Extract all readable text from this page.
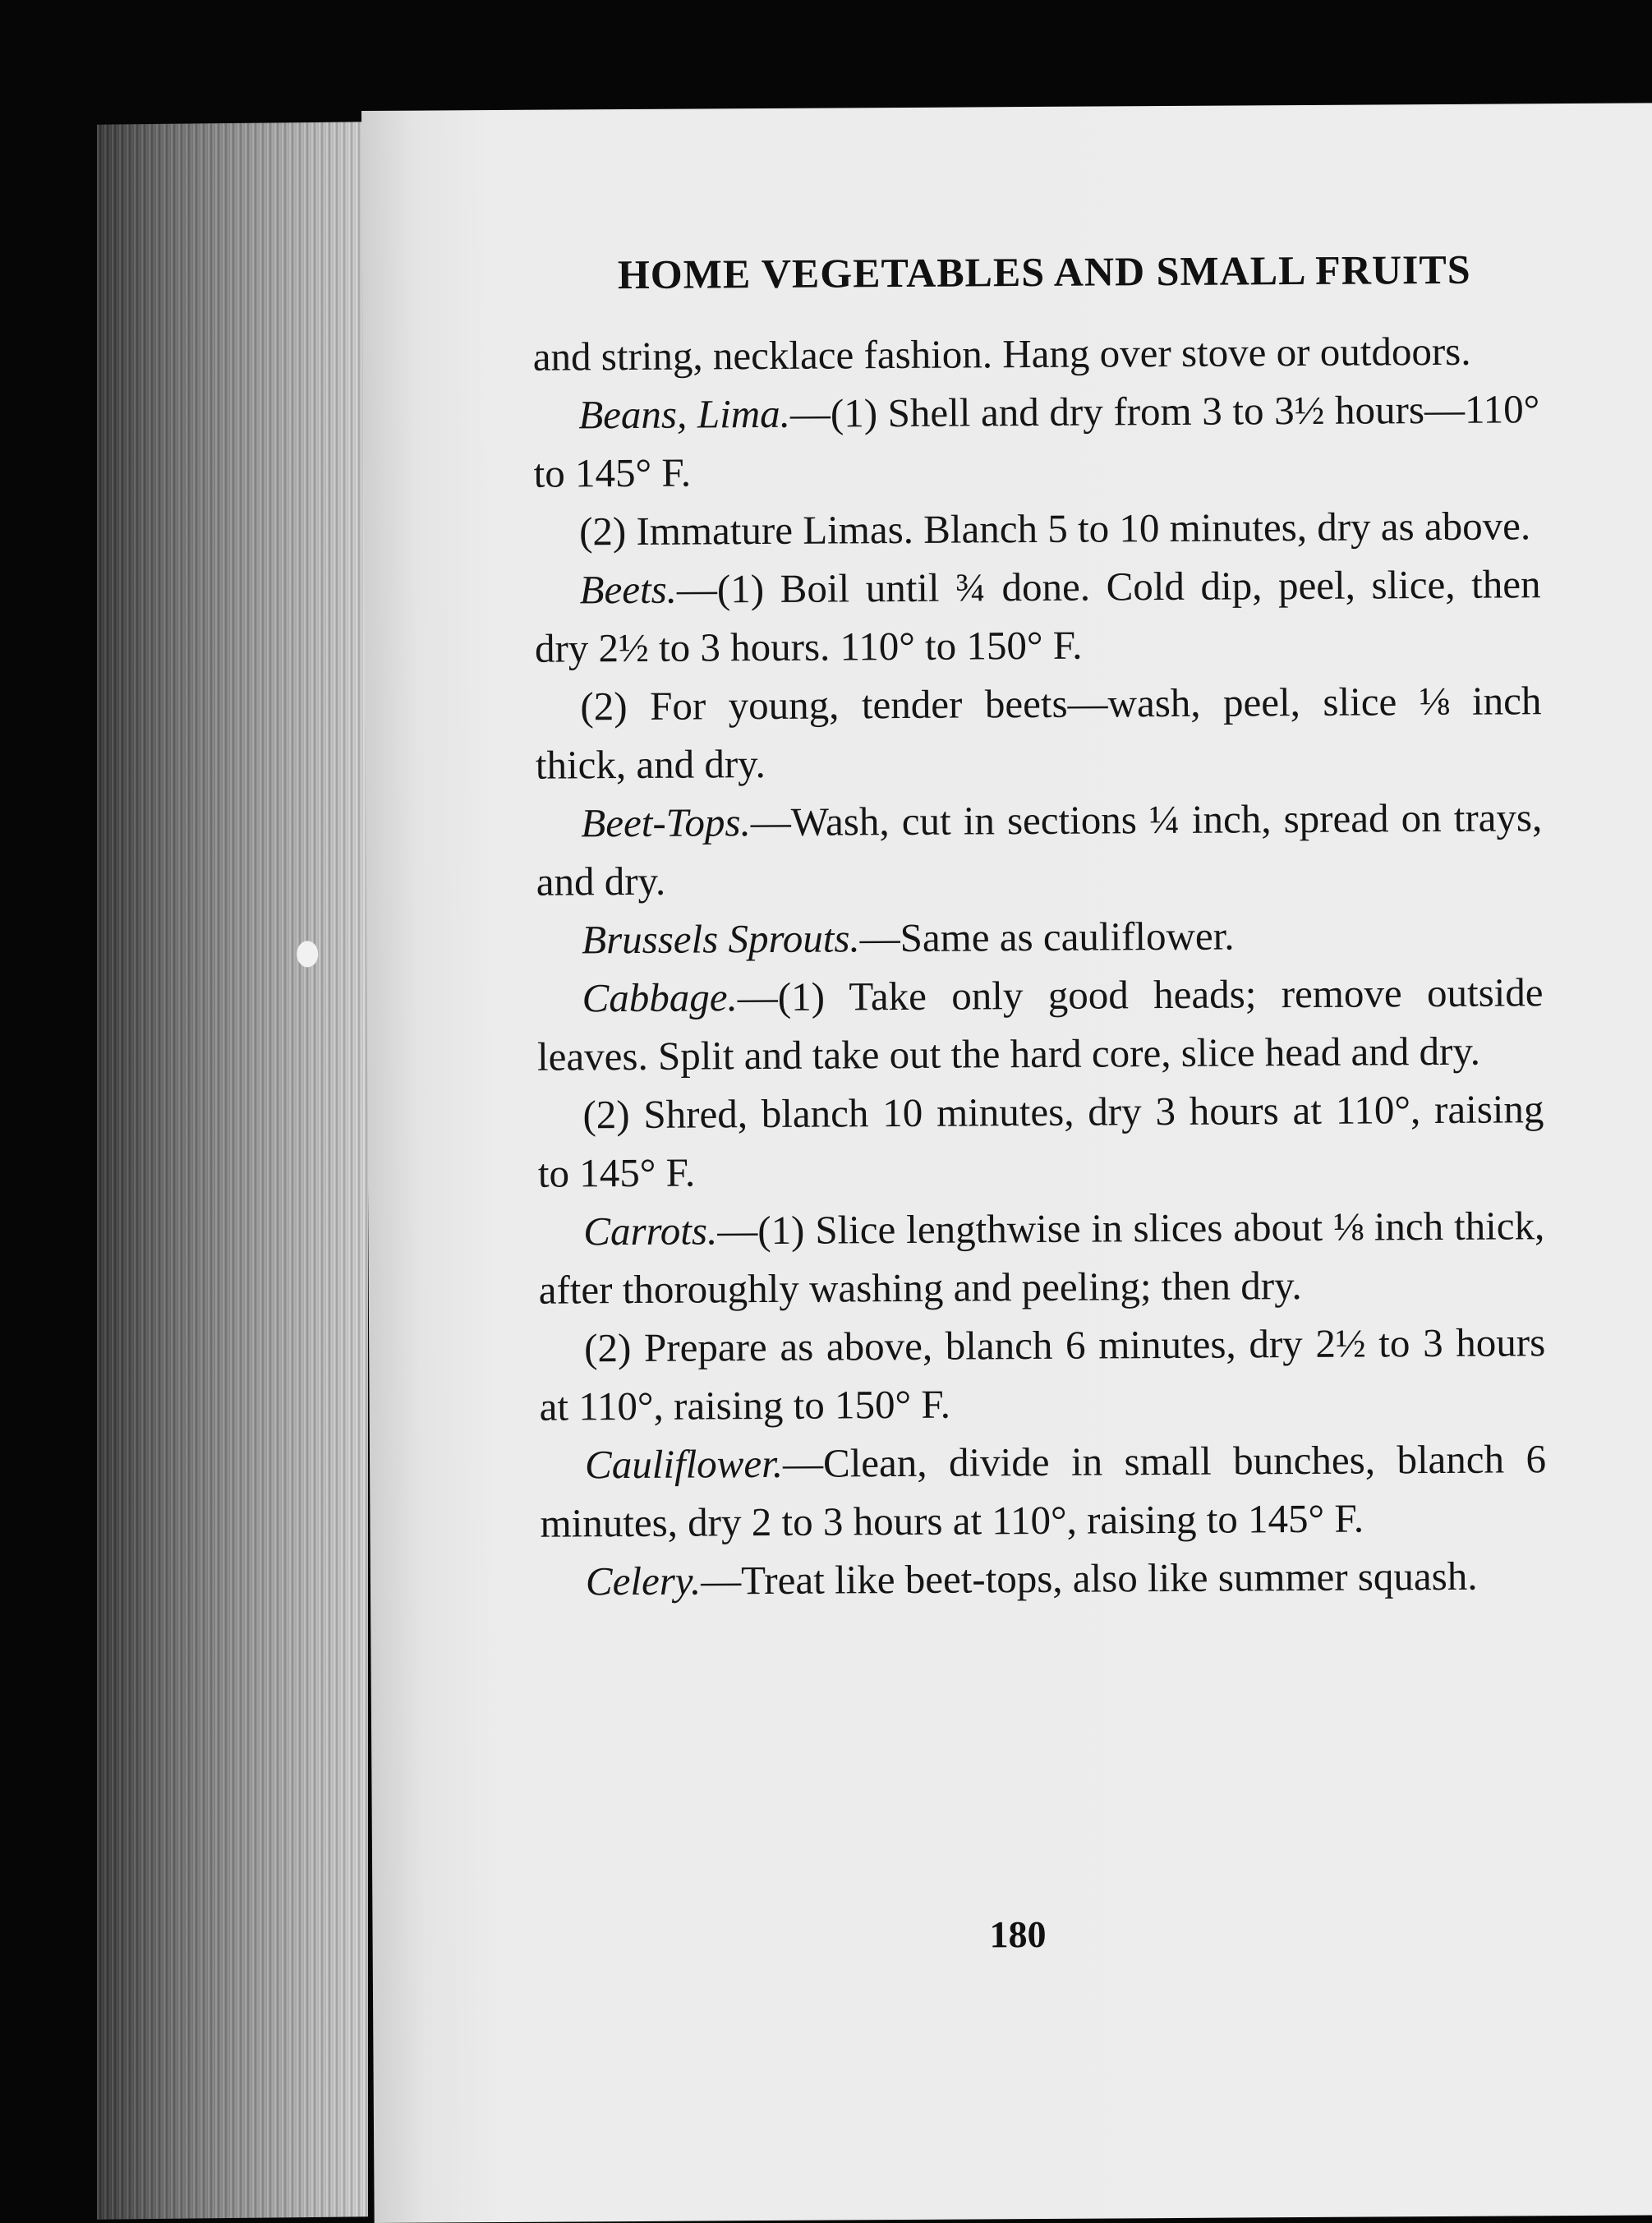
HOME VEGETABLES AND SMALL FRUITS

and string, necklace fashion. Hang over stove or outdoors.

Beans, Lima.—(1) Shell and dry from 3 to 3½ hours—110° to 145° F.

(2) Immature Limas. Blanch 5 to 10 minutes, dry as above.

Beets.—(1) Boil until ¾ done. Cold dip, peel, slice, then dry 2½ to 3 hours. 110° to 150° F.

(2) For young, tender beets—wash, peel, slice ⅛ inch thick, and dry.

Beet-Tops.—Wash, cut in sections ¼ inch, spread on trays, and dry.

Brussels Sprouts.—Same as cauliflower.

Cabbage.—(1) Take only good heads; remove outside leaves. Split and take out the hard core, slice head and dry.

(2) Shred, blanch 10 minutes, dry 3 hours at 110°, raising to 145° F.

Carrots.—(1) Slice lengthwise in slices about ⅛ inch thick, after thoroughly washing and peeling; then dry.

(2) Prepare as above, blanch 6 minutes, dry 2½ to 3 hours at 110°, raising to 150° F.

Cauliflower.—Clean, divide in small bunches, blanch 6 minutes, dry 2 to 3 hours at 110°, raising to 145° F.

Celery.—Treat like beet-tops, also like summer squash.

180
